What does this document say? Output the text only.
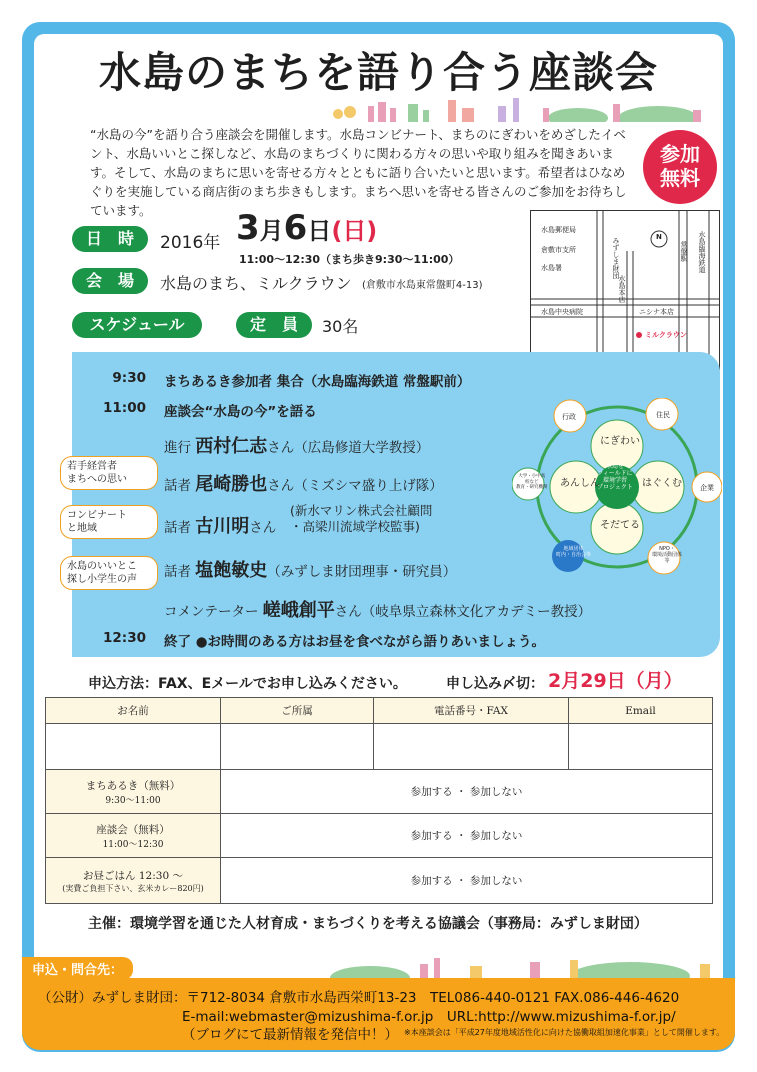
水島のまちを語り合う座談会
“水島の今”を語り合う座談会を開催します。水島コンビナート、まちのにぎわいをめざしたイベント、水島いいとこ探しなど、水島のまちづくりに関わる方々の思いや取り組みを聞きあいます。そして、水島のまちに思いを寄せる方々とともに語り合いたいと思います。希望者はひなめぐりを実施している商店街のまち歩きもします。まちへ思いを寄せる皆さんのご参加をお待ちしています。
参加
無料
日　時	2016年 3月6日(日)
11:00～12:30（まち歩き9:30～11:00）
会　場	水島のまち、ミルクラウン (倉敷市水島東常盤町4-13)
スケジュール	定　員	30名
水島郵便局
倉敷市支所
水島署	みずしま財団
水島中央病院
水島本店
ニシナ本店
水島臨海鉄道
常盤駅
ミルクラウン
N
9:30 まちあるき参加者 集合（水島臨海鉄道 常盤駅前）
11:00 座談会“水島の今”を語る
進行 西村仁志さん（広島修道大学教授）
若手経営者
まちへの思い	話者 尾崎勝也さん（ミズシマ盛り上げ隊）
コンビナート
と地域	話者 古川明さん
(新水マリン株式会社顧問
・高梁川流域学校監事)
水島のいいとこ
探し小学生の声	話者 塩飽敏史（みずしま財団理事・研究員）
コメンテーター 嵯峨創平さん（岐阜県立森林文化アカデミー教授）
12:30 終了 ●お時間のある方はお昼を食べながら語りあいましょう。
にぎわい
はぐくむ
そだてる
あんしん
水島を
フィールドに
環境学習
プロジェクト
行政	住民
企業
NPO・
環境活動団体
等
地域団体
町内・自治会等
大学・小中高
校など
教育・研究機関
申込方法：FAX、Eメールでお申し込みください。	申し込み〆切： 2月29日（月）
お名前	ご所属	電話番号・FAX	Email

まちあるき（無料）
9:30～11:00	参加する ・ 参加しない		

座談会（無料）
11:00～12:30	参加する ・ 参加しない		

お昼ごはん 12:30 ～
(実費ご負担下さい、玄米カレー820円)	参加する ・ 参加しない		
主催：環境学習を通じた人材育成・まちづくりを考える協議会（事務局：みずしま財団）
申込・問合先：
（公財）みずしま財団：〒712-8034 倉敷市水島西栄町13-23　TEL086-440-0121 FAX.086-446-4620
E-mail:webmaster@mizushima-f.or.jp　URL:http://www.mizushima-f.or.jp/
（ブログにて最新情報を発信中！） ※本座談会は「平成27年度地域活性化に向けた協働取組加速化事業」として開催します。
